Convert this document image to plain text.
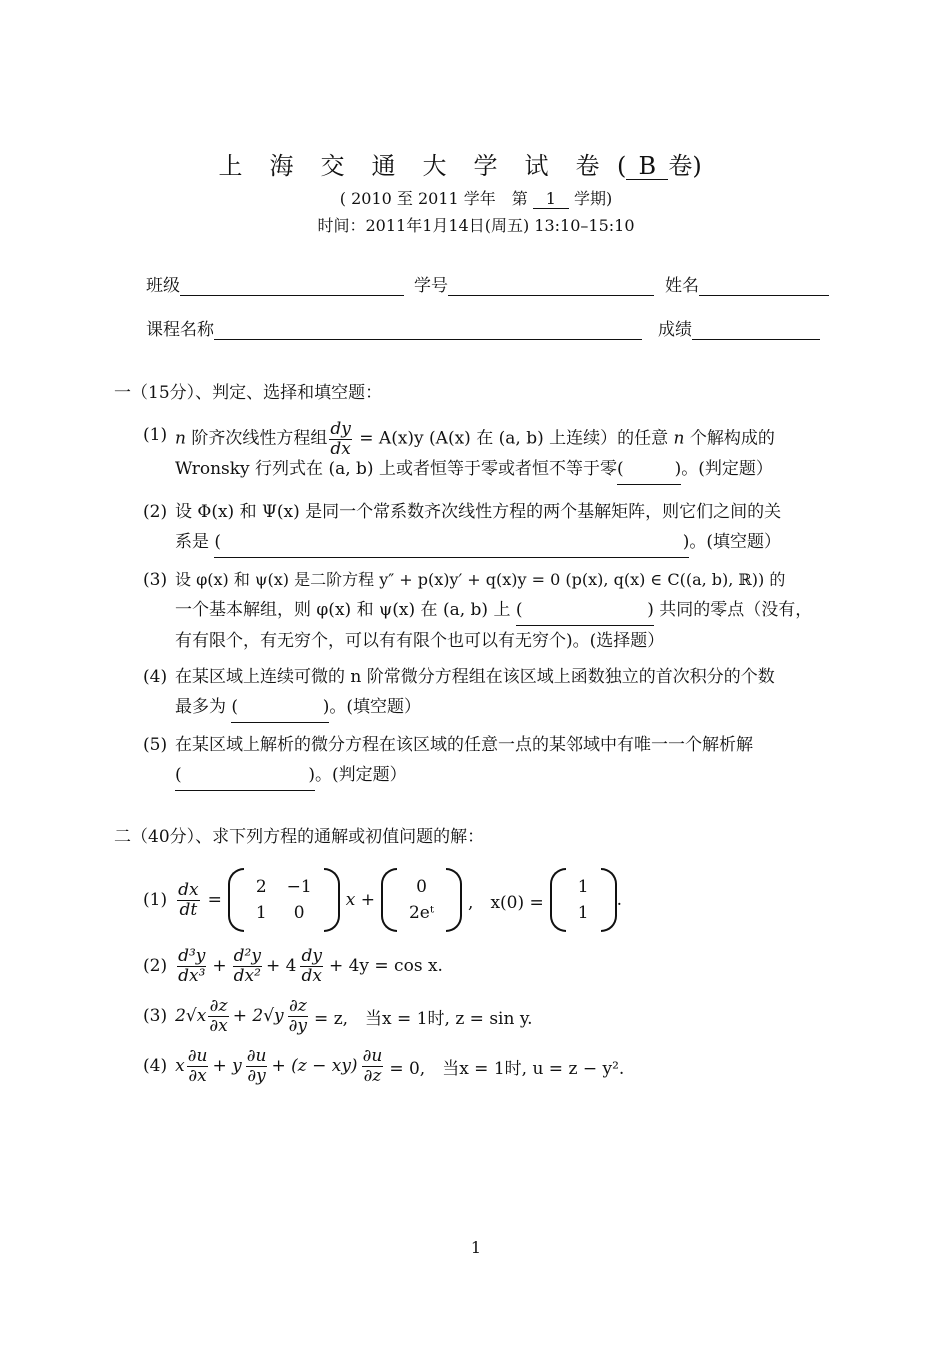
上 海 交 通 大 学 试 卷 ( B 卷)
( 2010 至 2011 学年　第 1 学期)
时间：2011年1月14日(周五) 13:10–15:10
班级	学号	姓名
课程名称	成绩
一（15分）、判定、选择和填空题：
(1) n 阶齐次线性方程组 $\frac{dy}{dx} = A(x)y$ (A(x) 在 (a, b) 上连续）的任意 n 个解构成的
Wronsky 行列式在 (a, b) 上或者恒等于零或者恒不等于零(　　　)。(判定题）
(2) 设 Φ(x) 和 Ψ(x) 是同一个常系数齐次线性方程的两个基解矩阵，则它们之间的关
系是 (	) 。(填空题）
(3) 设 φ(x) 和 ψ(x) 是二阶方程 y″ + p(x)y′ + q(x)y = 0 (p(x), q(x) ∈ C((a, b), ℝ)) 的
一个基本解组，则 φ(x) 和 ψ(x) 在 (a, b) 上 (	) 共同的零点（没有，
有有限个，有无穷个，可以有有限个也可以有无穷个)。(选择题）
(4) 在某区域上连续可微的 n 阶常微分方程组在该区域上函数独立的首次积分的个数
最多为 (	) 。(填空题）
(5) 在某区域上解析的微分方程在该区域的任意一点的某邻域中有唯一一个解析解
(	) 。(判定题）
二（40分）、求下列方程的通解或初值问题的解：
$(1) \frac{dx}{dt}$ =
2	−1
1	0
x +
0
2eᵗ
,　x(0) =
1
1
.
$(2) \frac{\text{d³y}}{\text{dx³}} + \frac{\text{d²y}}{\text{dx²}} + 4 \frac{dy}{dx} + 4y = \cos x$.
(3) $2√x \frac{\partial z}{\partial x} + 2√y \frac{\partial z}{\partial y} = z$,　当x = 1时, z = sin y.
(4) x $\frac{\partial u}{\partial x} + y \frac{\partial u}{\partial y} + (z - xy) \frac{\partial u}{\partial z} = 0$,　当x = 1时, u = z − y².
1
